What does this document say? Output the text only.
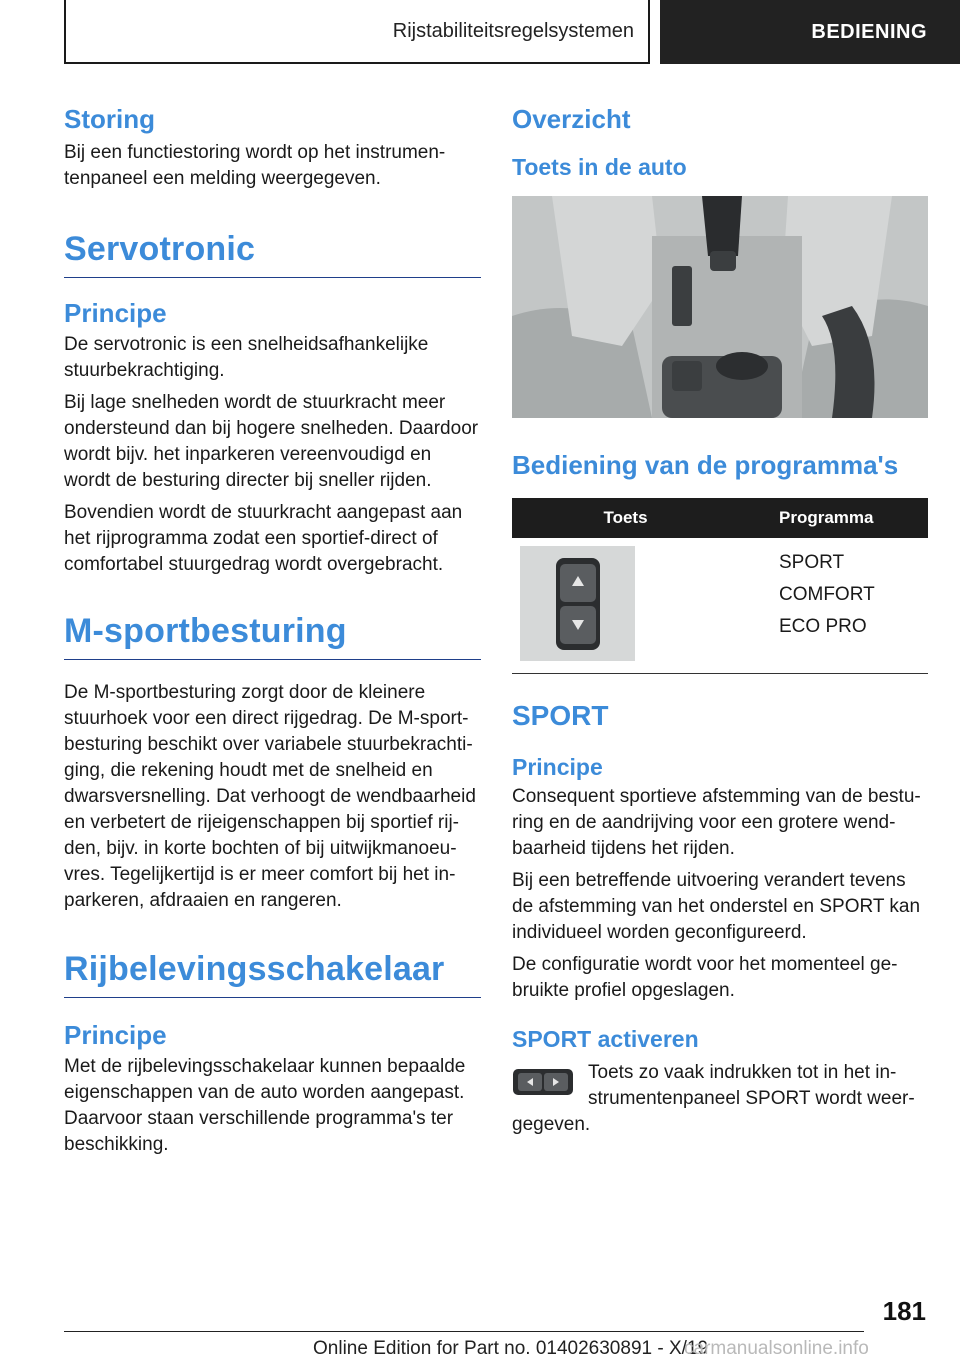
Rijstabiliteitsregelsystemen	BEDIENING
Storing

Bij een functiestoring wordt op het instrumen-
tenpaneel een melding weergegeven.

Servotronic
Principe

De servotronic is een snelheidsafhankelijke
stuurbekrachtiging.

Bij lage snelheden wordt de stuurkracht meer
ondersteund dan bij hogere snelheden. Daardoor
wordt bijv. het inparkeren vereenvoudigd en
wordt de besturing directer bij sneller rijden.

Bovendien wordt de stuurkracht aangepast aan
het rijprogramma zodat een sportief-direct of
comfortabel stuurgedrag wordt overgebracht.

M-sportbesturing

De M-sportbesturing zorgt door de kleinere
stuurhoek voor een direct rijgedrag. De M-sport-
besturing beschikt over variabele stuurbekrachti-
ging, die rekening houdt met de snelheid en
dwarsversnelling. Dat verhoogt de wendbaarheid
en verbetert de rijeigenschappen bij sportief rij-
den, bijv. in korte bochten of bij uitwijkmanoeu-
vres. Tegelijkertijd is er meer comfort bij het in-
parkeren, afdraaien en rangeren.

Rijbelevingsschakelaar
Principe

Met de rijbelevingsschakelaar kunnen bepaalde
eigenschappen van de auto worden aangepast.
Daarvoor staan verschillende programma's ter
beschikking.

Overzicht
Toets in de auto
Bediening van de programma's
Toets	Programma

SPORT

COMFORT

ECO PRO

SPORT
Principe

Consequent sportieve afstemming van de bestu-
ring en de aandrijving voor een grotere wend-
baarheid tijdens het rijden.

Bij een betreffende uitvoering verandert tevens
de afstemming van het onderstel en SPORT kan
individueel worden geconfigureerd.

De configuratie wordt voor het momenteel ge-
bruikte profiel opgeslagen.

SPORT activeren

Toets zo vaak indrukken tot in het in-

strumentenpaneel SPORT wordt weer-

gegeven.

181
Online Edition for Part no. 01402630891 - X/19
carmanualsonline.info
